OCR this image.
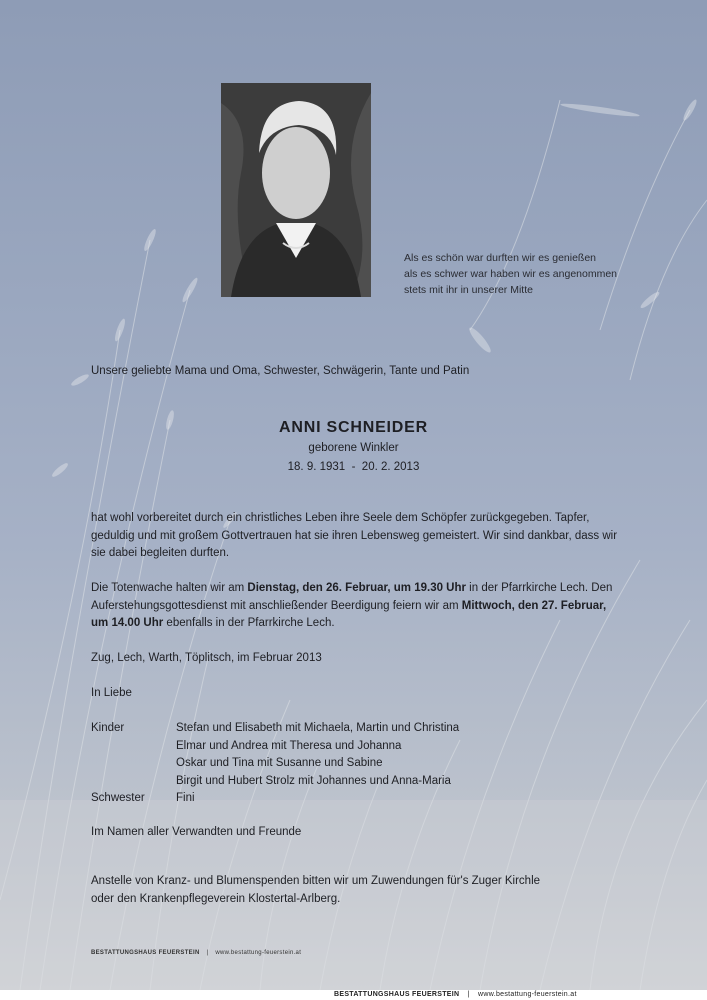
Als es schön war durften wir es genießen
als es schwer war haben wir es angenommen
stets mit ihr in unserer Mitte
Unsere geliebte Mama und Oma, Schwester, Schwägerin, Tante und Patin
ANNI SCHNEIDER
geborene Winkler
18. 9. 1931  -  20. 2. 2013
hat wohl vorbereitet durch ein christliches Leben ihre Seele dem Schöpfer zurückgegeben. Tapfer, geduldig und mit großem Gottvertrauen hat sie ihren Lebensweg gemeistert. Wir sind dankbar, dass wir sie dabei begleiten durften.
Die Totenwache halten wir am Dienstag, den 26. Februar, um 19.30 Uhr in der Pfarrkirche Lech. Den Auferstehungsgottesdienst mit anschließender Beerdigung feiern wir am Mittwoch, den 27. Februar, um 14.00 Uhr ebenfalls in der Pfarrkirche Lech.
Zug, Lech, Warth, Töplitsch, im Februar 2013
In Liebe
Kinder	Stefan und Elisabeth mit Michaela, Martin und Christina
Elmar und Andrea mit Theresa und Johanna
Oskar und Tina mit Susanne und Sabine
Birgit und Hubert Strolz mit Johannes und Anna-Maria
Schwester	Fini
Im Namen aller Verwandten und Freunde
Anstelle von Kranz- und Blumenspenden bitten wir um Zuwendungen für's Zuger Kirchle
oder den Krankenpflegeverein Klostertal-Arlberg.
BESTATTUNGSHAUS FEUERSTEIN | www.bestattung-feuerstein.at
BESTATTUNGSHAUS FEUERSTEIN | www.bestattung-feuerstein.at
